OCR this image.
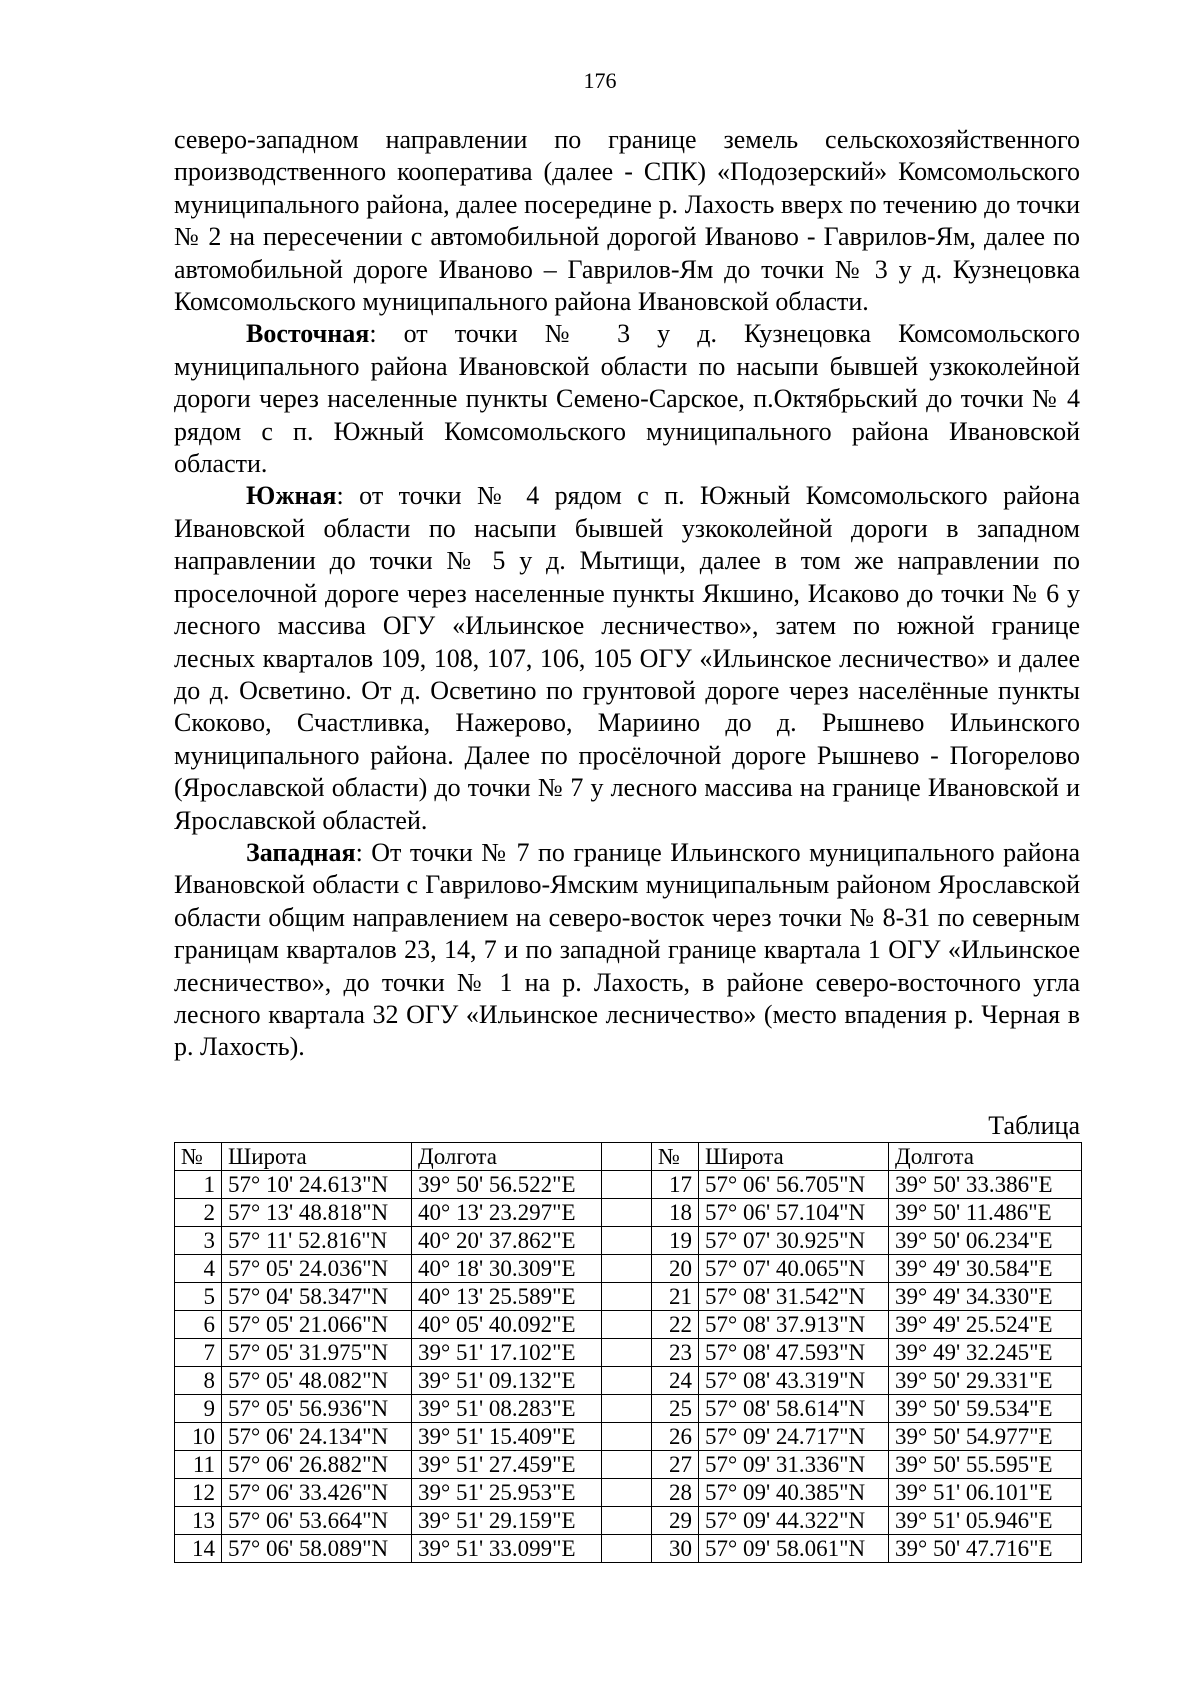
176

северо-западном направлении по границе земель сельскохозяйственного производственного кооператива (далее - СПК) «Подозерский» Комсомольского муниципального района, далее посередине р. Лахость вверх по течению до точки № 2 на пересечении с автомобильной дорогой Иваново - Гаврилов-Ям, далее по автомобильной дороге Иваново – Гаврилов-Ям до точки № 3 у д. Кузнецовка Комсомольского муниципального района Ивановской области.

Восточная: от точки № 3 у д. Кузнецовка Комсомольского муниципального района Ивановской области по насыпи бывшей узкоколейной дороги через населенные пункты Семено-Сарское, п.Октябрьский до точки № 4 рядом с п. Южный Комсомольского муниципального района Ивановской области.

Южная: от точки № 4 рядом с п. Южный Комсомольского района Ивановской области по насыпи бывшей узкоколейной дороги в западном направлении до точки № 5 у д. Мытищи, далее в том же направлении по проселочной дороге через населенные пункты Якшино, Исаково до точки № 6 у лесного массива ОГУ «Ильинское лесничество», затем по южной границе лесных кварталов 109, 108, 107, 106, 105 ОГУ «Ильинское лесничество» и далее до д. Осветино. От д. Осветино по грунтовой дороге через населённые пункты Скоково, Счастливка, Нажерово, Мариино до д. Рышнево Ильинского муниципального района. Далее по просёлочной дороге Рышнево - Погорелово (Ярославской области) до точки № 7 у лесного массива на границе Ивановской и Ярославской областей.

Западная: От точки № 7 по границе Ильинского муниципального района Ивановской области с Гаврилово-Ямским муниципальным районом Ярославской области общим направлением на северо-восток через точки № 8-31 по северным границам кварталов 23, 14, 7 и по западной границе квартала 1 ОГУ «Ильинское лесничество», до точки № 1 на р. Лахость, в районе северо-восточного угла лесного квартала 32 ОГУ «Ильинское лесничество» (место впадения р. Черная в р. Лахость).

Таблица
№	Широта	Долгота		№	Широта	Долгота
1	57° 10' 24.613"N	39° 50' 56.522"E		17	57° 06' 56.705"N	39° 50' 33.386"E
2	57° 13' 48.818"N	40° 13' 23.297"E		18	57° 06' 57.104"N	39° 50' 11.486"E
3	57° 11' 52.816"N	40° 20' 37.862"E		19	57° 07' 30.925"N	39° 50' 06.234"E
4	57° 05' 24.036"N	40° 18' 30.309"E		20	57° 07' 40.065"N	39° 49' 30.584"E
5	57° 04' 58.347"N	40° 13' 25.589"E		21	57° 08' 31.542"N	39° 49' 34.330"E
6	57° 05' 21.066"N	40° 05' 40.092"E		22	57° 08' 37.913"N	39° 49' 25.524"E
7	57° 05' 31.975"N	39° 51' 17.102"E		23	57° 08' 47.593"N	39° 49' 32.245"E
8	57° 05' 48.082"N	39° 51' 09.132"E		24	57° 08' 43.319"N	39° 50' 29.331"E
9	57° 05' 56.936"N	39° 51' 08.283"E		25	57° 08' 58.614"N	39° 50' 59.534"E
10	57° 06' 24.134"N	39° 51' 15.409"E		26	57° 09' 24.717"N	39° 50' 54.977"E
11	57° 06' 26.882"N	39° 51' 27.459"E		27	57° 09' 31.336"N	39° 50' 55.595"E
12	57° 06' 33.426"N	39° 51' 25.953"E		28	57° 09' 40.385"N	39° 51' 06.101"E
13	57° 06' 53.664"N	39° 51' 29.159"E		29	57° 09' 44.322"N	39° 51' 05.946"E
14	57° 06' 58.089"N	39° 51' 33.099"E		30	57° 09' 58.061"N	39° 50' 47.716"E
